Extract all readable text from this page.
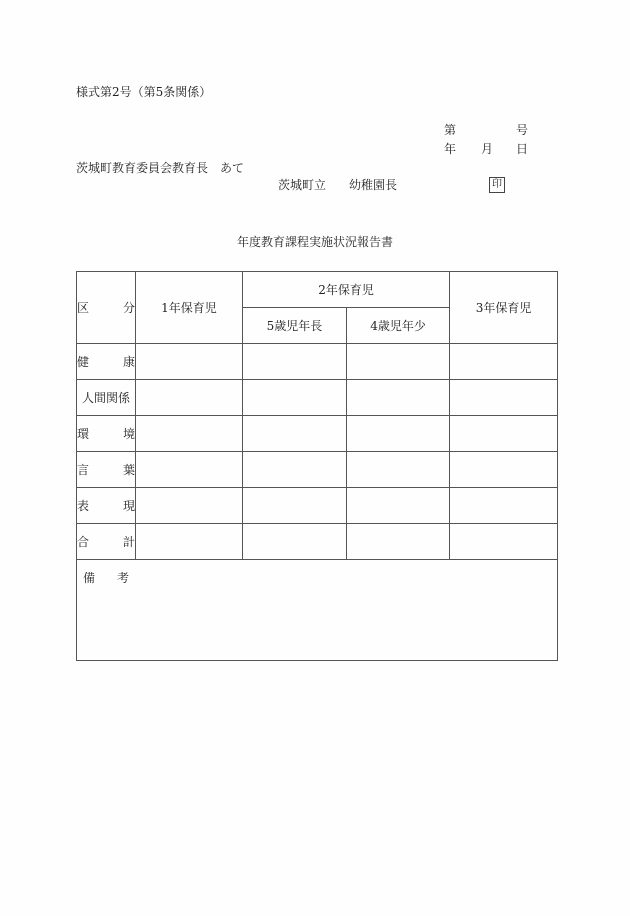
様式第2号（第5条関係）
第	号
年 月 日
茨城町教育委員会教育長　あて
茨城町立 幼稚園長	印
年度教育課程実施状況報告書
区 分	1年保育児	2年保育児		3年保育児
		5歳児年長	4歳児年少	

健 康				

人間関係				

環 境				

言 葉				

表 現				

合 計				

備 考				
